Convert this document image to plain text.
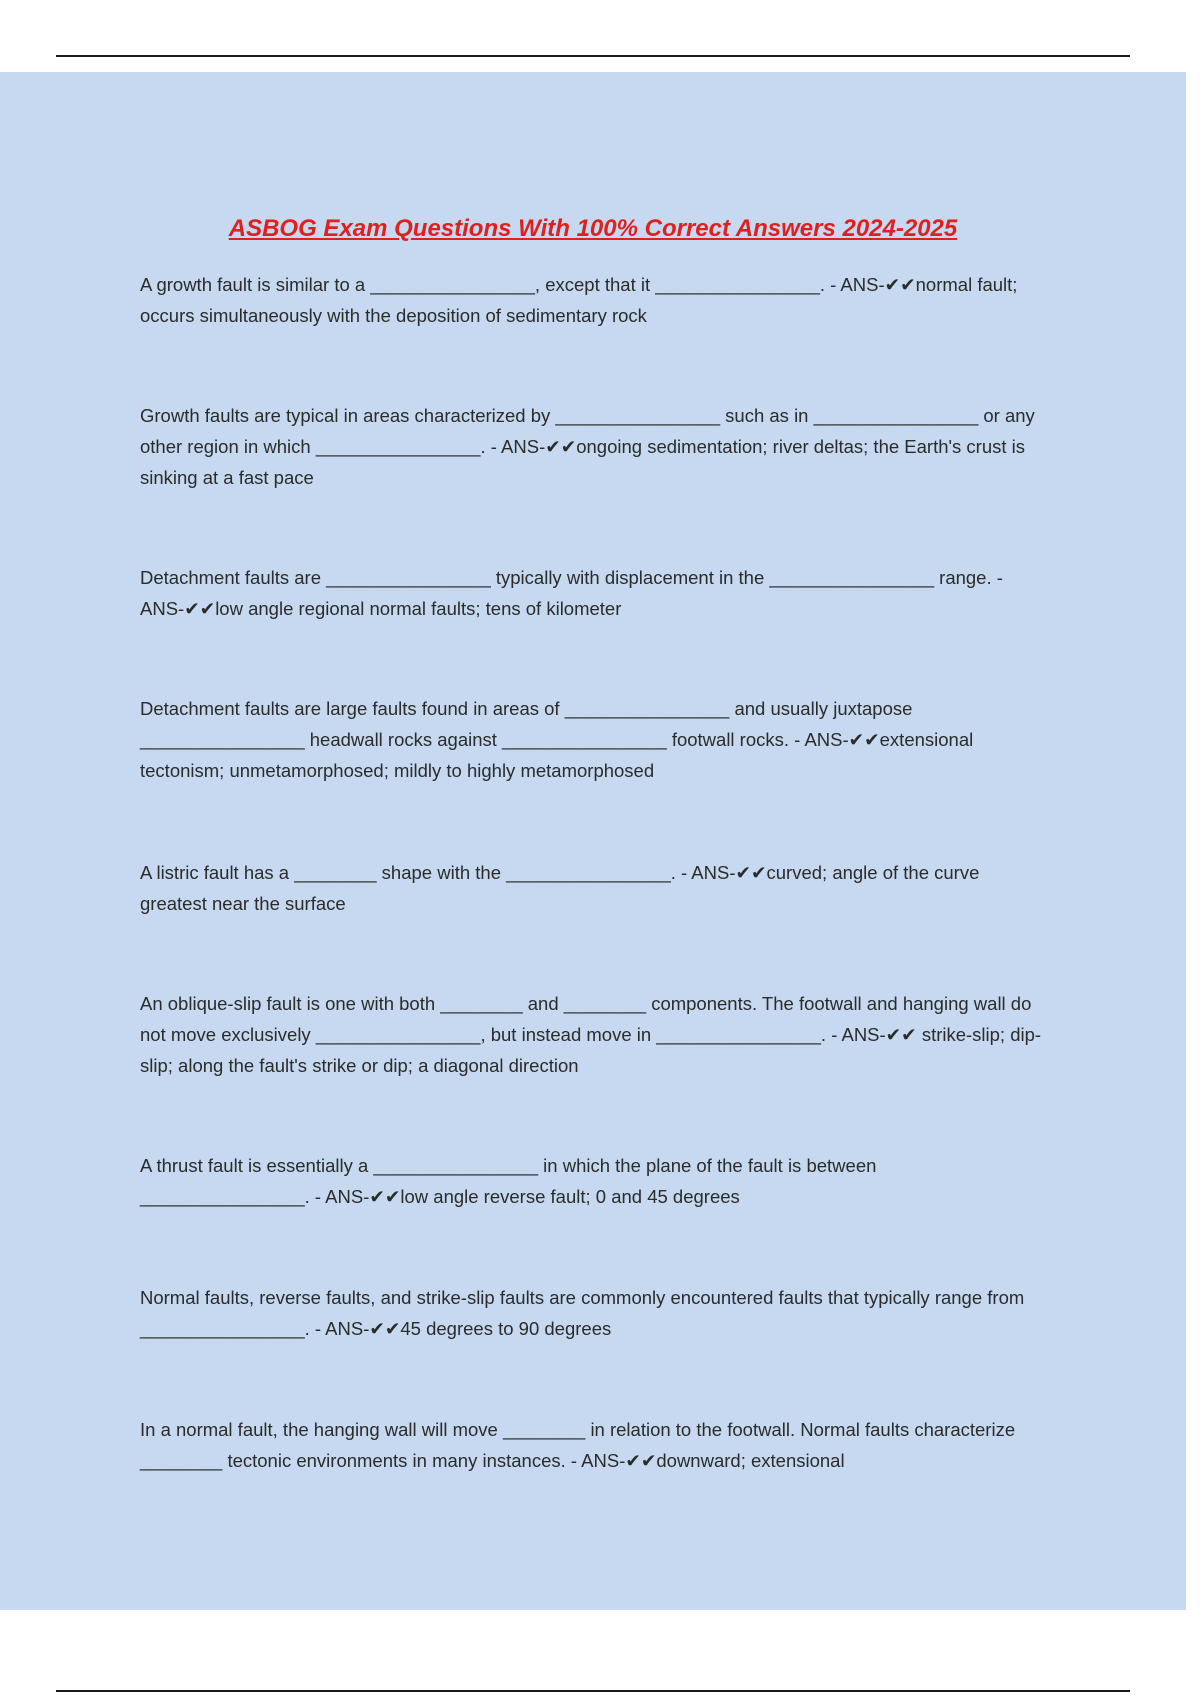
ASBOG Exam Questions With 100% Correct Answers 2024-2025

A growth fault is similar to a ________________, except that it ________________. - ANS-✔✔normal fault; occurs simultaneously with the deposition of sedimentary rock

Growth faults are typical in areas characterized by ________________ such as in ________________ or any other region in which ________________. - ANS-✔✔ongoing sedimentation; river deltas; the Earth's crust is sinking at a fast pace

Detachment faults are ________________ typically with displacement in the ________________ range. - ANS-✔✔low angle regional normal faults; tens of kilometer

Detachment faults are large faults found in areas of ________________ and usually juxtapose ________________ headwall rocks against ________________ footwall rocks. - ANS-✔✔extensional tectonism; unmetamorphosed; mildly to highly metamorphosed

A listric fault has a ________ shape with the ________________. - ANS-✔✔curved; angle of the curve greatest near the surface

An oblique-slip fault is one with both ________ and ________ components. The footwall and hanging wall do not move exclusively ________________, but instead move in ________________. - ANS-✔✔ strike-slip; dip-slip; along the fault's strike or dip; a diagonal direction

A thrust fault is essentially a ________________ in which the plane of the fault is between ________________. - ANS-✔✔low angle reverse fault; 0 and 45 degrees

Normal faults, reverse faults, and strike-slip faults are commonly encountered faults that typically range from ________________. - ANS-✔✔45 degrees to 90 degrees

In a normal fault, the hanging wall will move ________ in relation to the footwall. Normal faults characterize ________ tectonic environments in many instances. - ANS-✔✔downward; extensional
